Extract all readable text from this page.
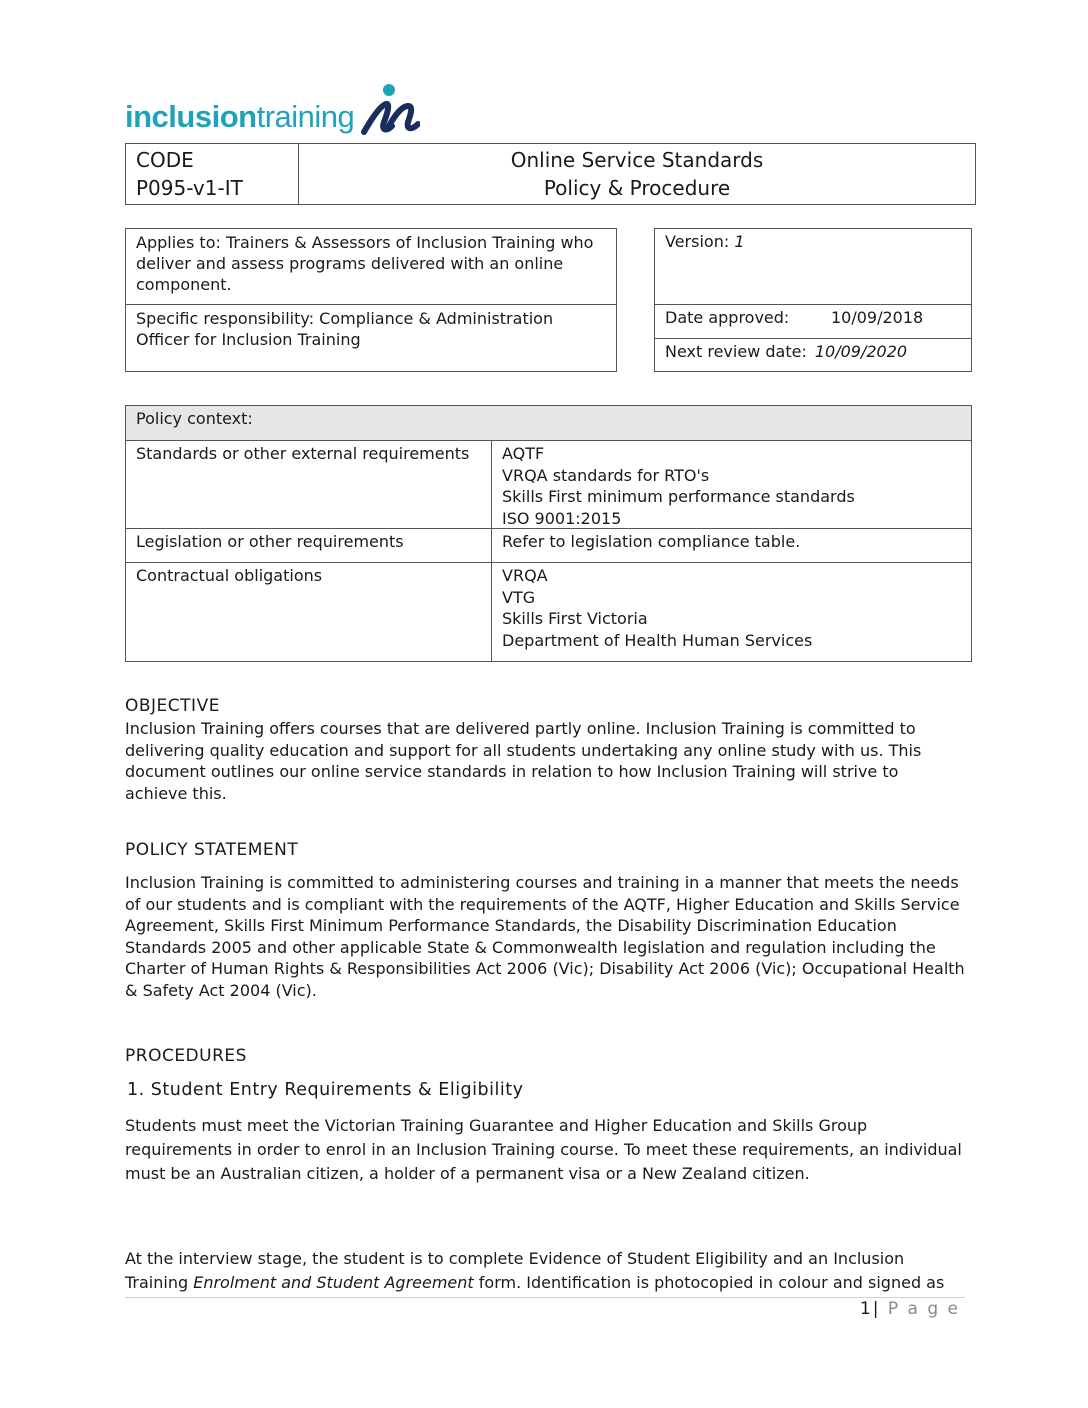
inclusiontraining
CODE
P095-v1-IT
Online Service Standards
Policy & Procedure
Applies to: Trainers & Assessors of Inclusion Training who deliver and assess programs delivered with an online component.
Specific responsibility: Compliance & Administration Officer for Inclusion Training
Version: 1
Date approved:	10/09/2018
Next review date: 10/09/2020
Policy context:
Standards or other external requirements	AQTF
VRQA standards for RTO's
Skills First minimum performance standards
ISO 9001:2015
Legislation or other requirements	Refer to legislation compliance table.
Contractual obligations	VRQA
VTG
Skills First Victoria
Department of Health Human Services
OBJECTIVE
Inclusion Training offers courses that are delivered partly online. Inclusion Training is committed to delivering quality education and support for all students undertaking any online study with us. This document outlines our online service standards in relation to how Inclusion Training will strive to achieve this.
POLICY STATEMENT
Inclusion Training is committed to administering courses and training in a manner that meets the needs of our students and is compliant with the requirements of the AQTF, Higher Education and Skills Service Agreement, Skills First Minimum Performance Standards, the Disability Discrimination Education Standards 2005 and other applicable State & Commonwealth legislation and regulation including the Charter of Human Rights & Responsibilities Act 2006 (Vic); Disability Act 2006 (Vic); Occupational Health & Safety Act 2004 (Vic).
PROCEDURES
1. Student Entry Requirements & Eligibility
Students must meet the Victorian Training Guarantee and Higher Education and Skills Group requirements in order to enrol in an Inclusion Training course. To meet these requirements, an individual must be an Australian citizen, a holder of a permanent visa or a New Zealand citizen.
At the interview stage, the student is to complete Evidence of Student Eligibility and an Inclusion Training Enrolment and Student Agreement form. Identification is photocopied in colour and signed as
1| P a g e
